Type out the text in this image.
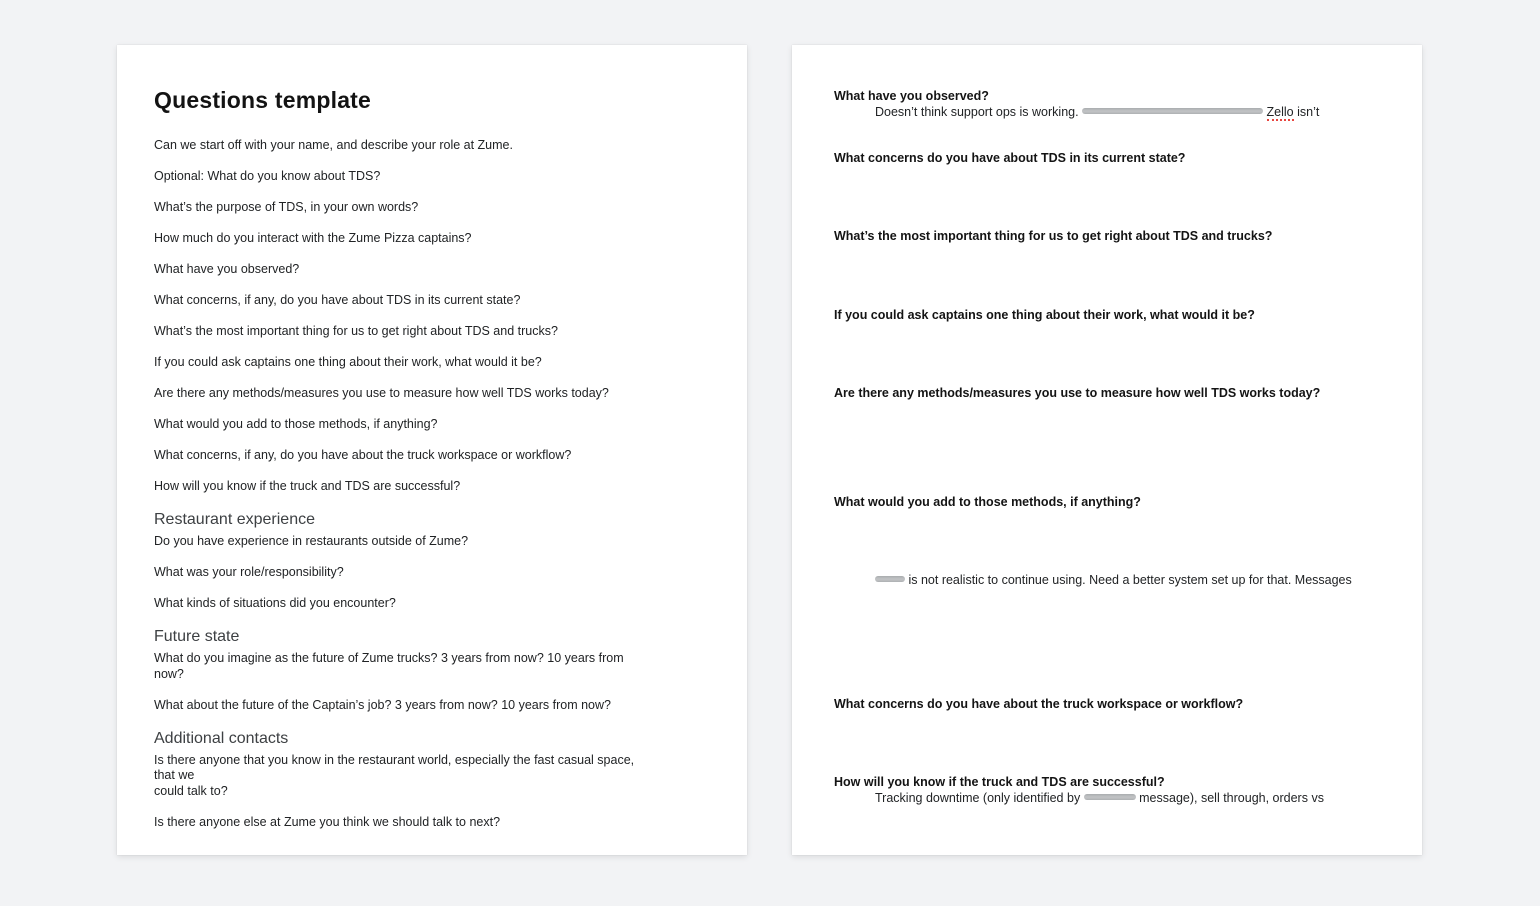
Questions template

Can we start off with your name, and describe your role at Zume.

Optional: What do you know about TDS?

What’s the purpose of TDS, in your own words?

How much do you interact with the Zume Pizza captains?

What have you observed?

What concerns, if any, do you have about TDS in its current state?

What’s the most important thing for us to get right about TDS and trucks?

If you could ask captains one thing about their work, what would it be?

Are there any methods/measures you use to measure how well TDS works today?

What would you add to those methods, if anything?

What concerns, if any, do you have about the truck workspace or workflow?

How will you know if the truck and TDS are successful?

Restaurant experience

Do you have experience in restaurants outside of Zume?

What was your role/responsibility?

What kinds of situations did you encounter?

Future state

What do you imagine as the future of Zume trucks? 3 years from now? 10 years from now?

What about the future of the Captain’s job? 3 years from now? 10 years from now?

Additional contacts

Is there anyone that you know in the restaurant world, especially the fast casual space, that we
could talk to?

Is there anyone else at Zume you think we should talk to next?

What have you observed?

Doesn’t think support ops is working.	Zello isn’t

What concerns do you have about TDS in its current state?

What’s the most important thing for us to get right about TDS and trucks?

If you could ask captains one thing about their work, what would it be?

Are there any methods/measures you use to measure how well TDS works today?

What would you add to those methods, if anything?

is not realistic to continue using. Need a better system set up for that. Messages

What concerns do you have about the truck workspace or workflow?

How will you know if the truck and TDS are successful?

Tracking downtime (only identified by	message), sell through, orders vs
